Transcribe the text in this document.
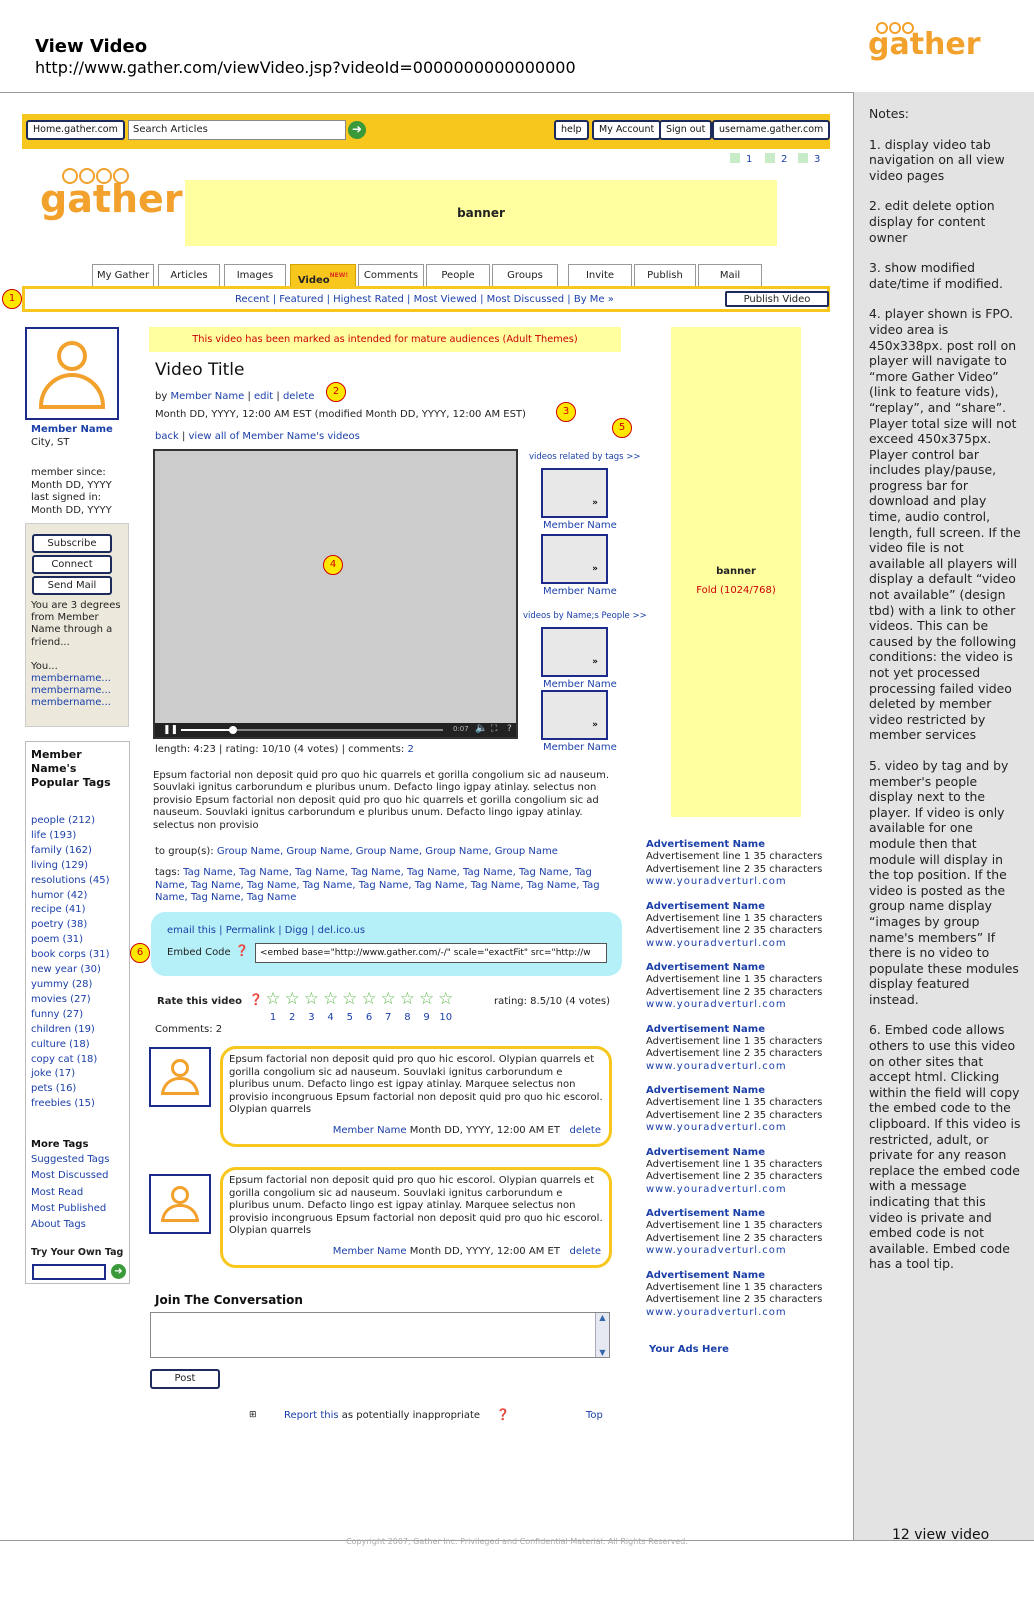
View Video
http://www.gather.com/viewVideo.jsp?videoId=0000000000000000
gather

Notes:

1. display video tab navigation on all view video pages

2. edit delete option display for content owner

3. show modified date/time if modified.

4. player shown is FPO. video area is 450x338px. post roll on player will navigate to “more Gather Video” (link to feature vids), “replay”, and “share”. Player total size will not exceed 450x375px. Player control bar includes play/pause, progress bar for download and play time, audio control, length, full screen. If the video file is not available all players will display a default “video not available” (design tbd) with a link to other videos. This can be caused by the following conditions: the video is not yet processed processing failed video deleted by member video restricted by member services

5. video by tag and by member's people display next to the player. If video is only available for one module then that module will display in the top position. If the video is posted as the group name display “images by group name's members” If there is no video to populate these modules display featured instead.

6. Embed code allows others to use this video on other sites that accept html. Clicking within the field will copy the embed code to the clipboard. If this video is restricted, adult, or private for any reason replace the embed code with a message indicating that this video is private and embed code is not available. Embed code has a tool tip.

Home.gather.com	Search Articles	➜	help	My Account	Sign out	username.gather.com
1	2	3
gather	banner
My Gather	Articles	Images	Video$^{NEW!}$	Comments	People	Groups	Invite	Publish	Mail
Recent | Featured | Highest Rated | Most Viewed | Most Discussed | By Me »	Publish Video
1
Member Name
City, ST
member since:
Month DD, YYYY
last signed in:
Month DD, YYYY
Subscribe
Connect
Send Mail
You are 3 degrees from Member Name through a friend...
You...
membername...
membername...
membername...
Member Name's Popular Tags
people (212)
life (193)
family (162)
living (129)
resolutions (45)
humor (42)
recipe (41)
poetry (38)
poem (31)
book corps (31)
new year (30)
yummy (28)
movies (27)
funny (27)
children (19)
culture (18)
copy cat (18)
joke (17)
pets (16)
freebies (15)
More Tags
Suggested Tags
Most Discussed
Most Read
Most Published
About Tags
Try Your Own Tag
➜
This video has been marked as intended for mature audiences (Adult Themes)
Video Title
by Member Name | edit | delete	2
Month DD, YYYY, 12:00 AM EST (modified Month DD, YYYY, 12:00 AM EST)	3
back | view all of Member Name's videos
5
4
❚❚	0:07 🔈 ⛶ ?
videos related by tags >>
»
Member Name
»
Member Name
videos by Name;s People >>
»
Member Name
»
Member Name
length: 4:23 | rating: 10/10 (4 votes) | comments: 2
Epsum factorial non deposit quid pro quo hic quarrels et gorilla congolium sic ad nauseum. Souvlaki ignitus carborundum e pluribus unum. Defacto lingo igpay atinlay. selectus non provisio Epsum factorial non deposit quid pro quo hic quarrels et gorilla congolium sic ad nauseum. Souvlaki ignitus carborundum e pluribus unum. Defacto lingo igpay atinlay. selectus non provisio
to group(s): Group Name, Group Name, Group Name, Group Name, Group Name
tags: Tag Name, Tag Name, Tag Name, Tag Name, Tag Name, Tag Name, Tag Name, Tag Name, Tag Name, Tag Name, Tag Name, Tag Name, Tag Name, Tag Name, Tag Name, Tag Name, Tag Name, Tag Name
email this | Permalink | Digg | del.ico.us
Embed Code ❓	<embed base="http://www.gather.com/-/" scale="exactFit" src="http://w
6
Rate this video ❓ ☆
1
☆
2
☆
3
☆
4
☆
5
☆
6
☆
7
☆
8
☆
9
☆
10
rating: 8.5/10 (4 votes)
Comments: 2
Epsum factorial non deposit quid pro quo hic escorol. Olypian quarrels et gorilla congolium sic ad nauseum. Souvlaki ignitus carborundum e pluribus unum. Defacto lingo est igpay atinlay. Marquee selectus non provisio incongruous Epsum factorial non deposit quid pro quo hic escorol. Olypian quarrels
Member Name Month DD, YYYY, 12:00 AM ET delete
Epsum factorial non deposit quid pro quo hic escorol. Olypian quarrels et gorilla congolium sic ad nauseum. Souvlaki ignitus carborundum e pluribus unum. Defacto lingo est igpay atinlay. Marquee selectus non provisio incongruous Epsum factorial non deposit quid pro quo hic escorol. Olypian quarrels
Member Name Month DD, YYYY, 12:00 AM ET delete
Join The Conversation
▲
▼
Post
⊞	Report this as potentially inappropriate ❓	Top
banner
Fold (1024/768)
Advertisement Name
Advertisement line 1 35 characters
Advertisement line 2 35 characters
www.youradverturl.com
Advertisement Name
Advertisement line 1 35 characters
Advertisement line 2 35 characters
www.youradverturl.com
Advertisement Name
Advertisement line 1 35 characters
Advertisement line 2 35 characters
www.youradverturl.com
Advertisement Name
Advertisement line 1 35 characters
Advertisement line 2 35 characters
www.youradverturl.com
Advertisement Name
Advertisement line 1 35 characters
Advertisement line 2 35 characters
www.youradverturl.com
Advertisement Name
Advertisement line 1 35 characters
Advertisement line 2 35 characters
www.youradverturl.com
Advertisement Name
Advertisement line 1 35 characters
Advertisement line 2 35 characters
www.youradverturl.com
Advertisement Name
Advertisement line 1 35 characters
Advertisement line 2 35 characters
www.youradverturl.com
Your Ads Here
Copyright 2007, Gather Inc. Privileged and Confidential Material. All Rights Reserved.	12 view video
